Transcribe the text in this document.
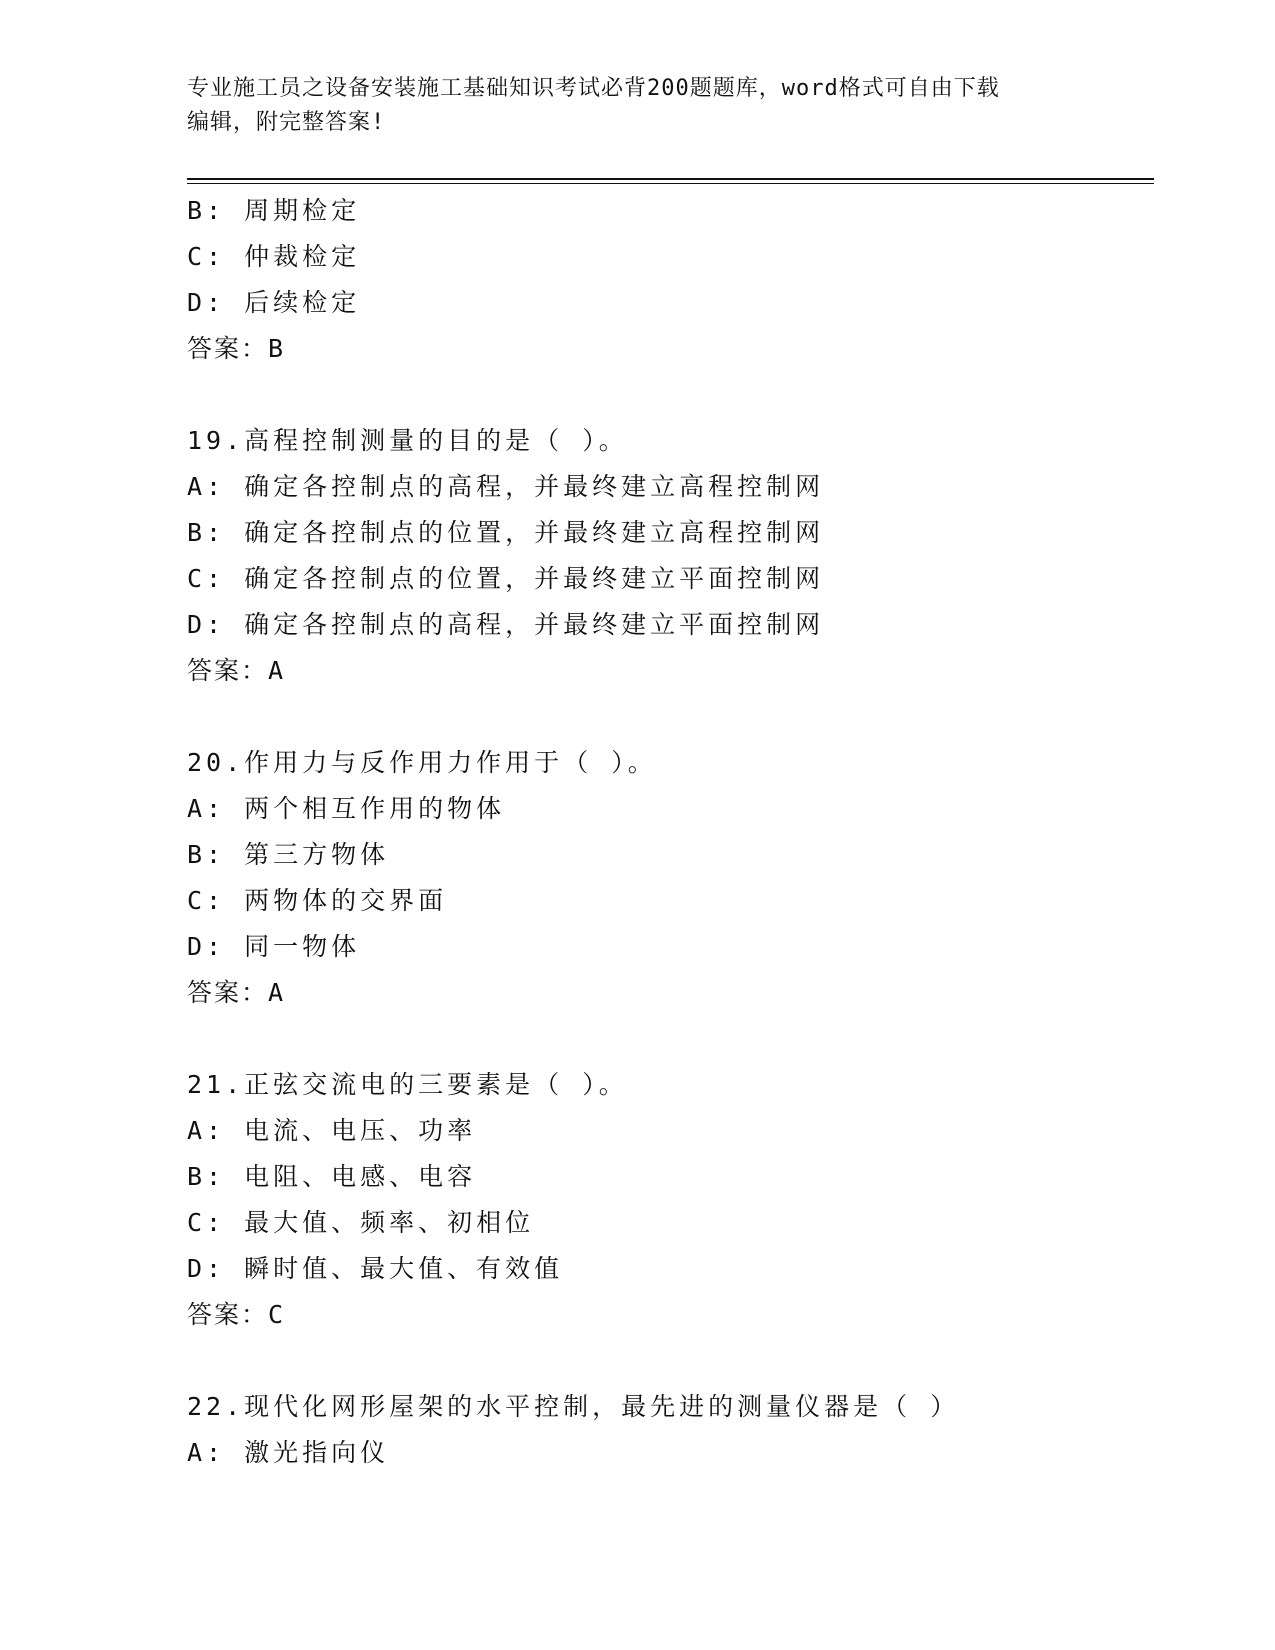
专业施工员之设备安装施工基础知识考试必背200题题库，word格式可自由下载
编辑，附完整答案!
B: 周期检定
C: 仲裁检定
D: 后续检定
答案：B
19.高程控制测量的目的是（ ）。
A: 确定各控制点的高程，并最终建立高程控制网
B: 确定各控制点的位置，并最终建立高程控制网
C: 确定各控制点的位置，并最终建立平面控制网
D: 确定各控制点的高程，并最终建立平面控制网
答案：A
20.作用力与反作用力作用于（ ）。
A: 两个相互作用的物体
B: 第三方物体
C: 两物体的交界面
D: 同一物体
答案：A
21.正弦交流电的三要素是（ ）。
A: 电流、电压、功率
B: 电阻、电感、电容
C: 最大值、频率、初相位
D: 瞬时值、最大值、有效值
答案：C
22.现代化网形屋架的水平控制，最先进的测量仪器是（ ）
A: 激光指向仪
